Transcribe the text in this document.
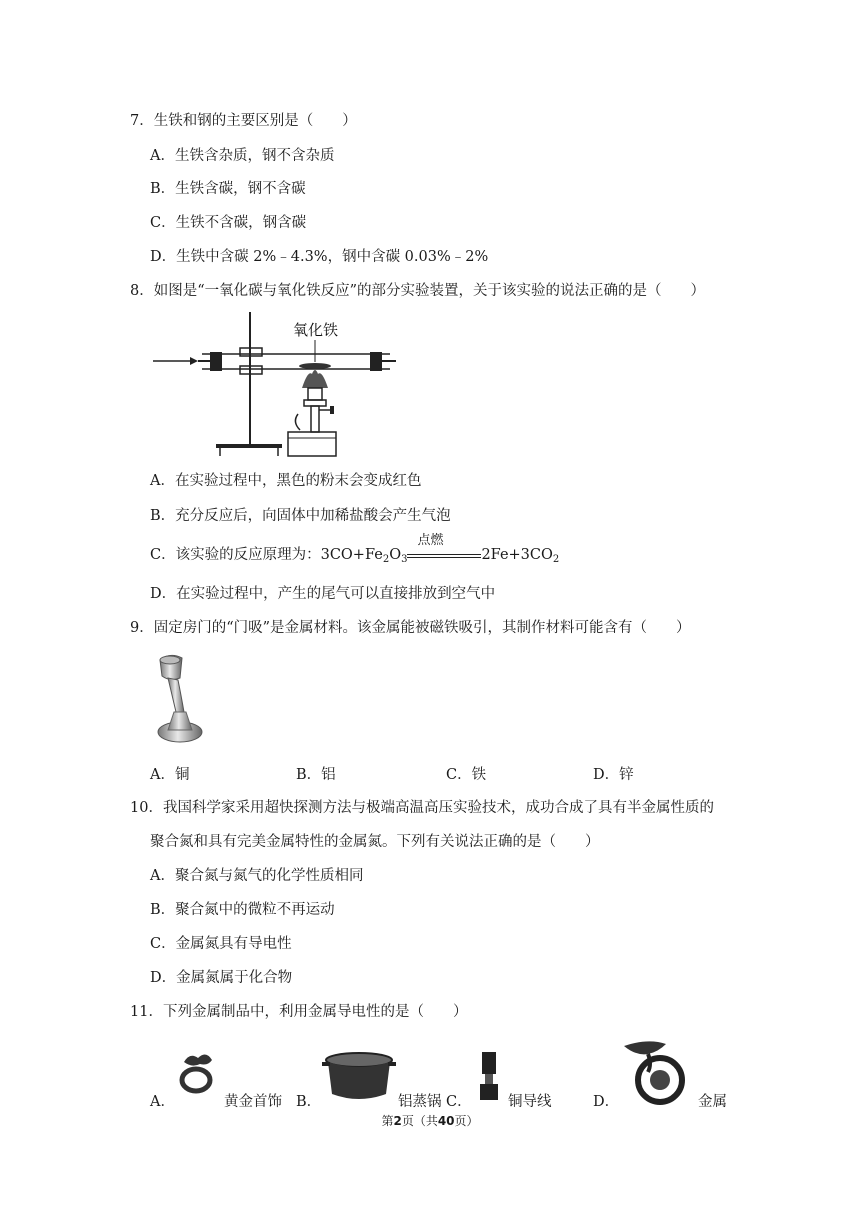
7．生铁和钢的主要区别是（　　）
A．生铁含杂质，钢不含杂质
B．生铁含碳，钢不含碳
C．生铁不含碳，钢含碳
D．生铁中含碳 2%﹣4.3%，钢中含碳 0.03%﹣2%
8．如图是“一氧化碳与氧化铁反应”的部分实验装置，关于该实验的说法正确的是（　　）
氧化铁
A．在实验过程中，黑色的粉末会变成红色
B．充分反应后，向固体中加稀盐酸会产生气泡
C．该实验的反应原理为：$3CO+Fe_2O_3$
点燃
$2Fe+3CO_2$
D．在实验过程中，产生的尾气可以直接排放到空气中
9．固定房门的“门吸”是金属材料。该金属能被磁铁吸引，其制作材料可能含有（　　）
A．铜	B．铝	C．铁	D．锌
10．我国科学家采用超快探测方法与极端高温高压实验技术，成功合成了具有半金属性质的
聚合氮和具有完美金属特性的金属氮。下列有关说法正确的是（　　）
A．聚合氮与氮气的化学性质相同
B．聚合氮中的微粒不再运动
C．金属氮具有导电性
D．金属氮属于化合物
11．下列金属制品中，利用金属导电性的是（　　）
A．	黄金首饰 B．	铝蒸锅 C．	铜导线	D．	金属
第2页（共40页）
